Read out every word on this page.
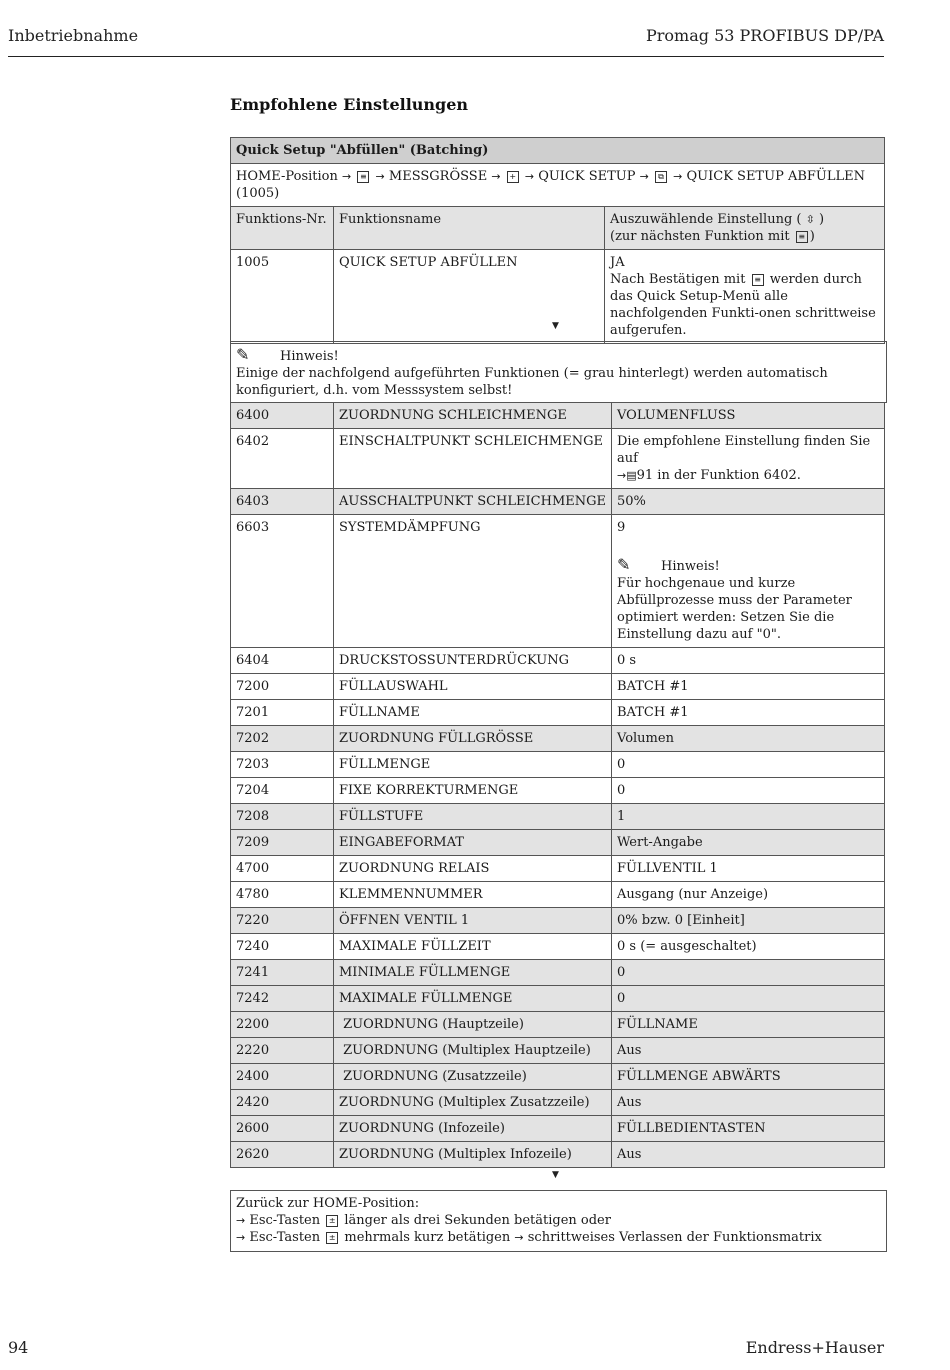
Inbetriebnahme	Promag 53 PROFIBUS DP/PA
Empfohlene Einstellungen
Quick Setup "Abfüllen" (Batching)		
HOME-Position → ≡ → MESSGRÖSSE → + → QUICK SETUP → ⧉ → QUICK SETUP ABFÜLLEN (1005)		
Funktions-Nr.	Funktionsname	Auszuwählende Einstellung ( ⇳ )
(zur nächsten Funktion mit ≡ )
1005	QUICK SETUP ABFÜLLEN	JA
Nach Bestätigen mit ≡ werden durch das Quick Setup-Menü alle nachfolgenden Funkti-onen schrittweise aufgerufen.
▼
✎ Hinweis!
Einige der nachfolgend aufgeführten Funktionen (= grau hinterlegt) werden automatisch konfiguriert, d.h. vom Messsystem selbst!
6400	ZUORDNUNG SCHLEICHMENGE	VOLUMENFLUSS
6402	EINSCHALTPUNKT SCHLEICHMENGE	Die empfohlene Einstellung finden Sie auf
→▤91 in der Funktion 6402.
6403	AUSSCHALTPUNKT SCHLEICHMENGE	50%
6603	SYSTEMDÄMPFUNG	9
✎ Hinweis!
Für hochgenaue und kurze Abfüllprozesse muss der Parameter optimiert werden: Setzen Sie die Einstellung dazu auf "0".

6404	DRUCKSTOSSUNTERDRÜCKUNG	0 s
7200	FÜLLAUSWAHL	BATCH #1
7201	FÜLLNAME	BATCH #1
7202	ZUORDNUNG FÜLLGRÖSSE	Volumen
7203	FÜLLMENGE	0
7204	FIXE KORREKTURMENGE	0
7208	FÜLLSTUFE	1
7209	EINGABEFORMAT	Wert-Angabe
4700	ZUORDNUNG RELAIS	FÜLLVENTIL 1
4780	KLEMMENNUMMER	Ausgang (nur Anzeige)
7220	ÖFFNEN VENTIL 1	0% bzw. 0 [Einheit]
7240	MAXIMALE FÜLLZEIT	0 s (= ausgeschaltet)
7241	MINIMALE FÜLLMENGE	0
7242	MAXIMALE FÜLLMENGE	0
2200	ZUORDNUNG (Hauptzeile)	FÜLLNAME
2220	ZUORDNUNG (Multiplex Hauptzeile)	Aus
2400	ZUORDNUNG (Zusatzzeile)	FÜLLMENGE ABWÄRTS
2420	ZUORDNUNG (Multiplex Zusatzzeile)	Aus
2600	ZUORDNUNG (Infozeile)	FÜLLBEDIENTASTEN
2620	ZUORDNUNG (Multiplex Infozeile)	Aus
▼
Zurück zur HOME-Position:
→ Esc-Tasten ± länger als drei Sekunden betätigen oder
→ Esc-Tasten ± mehrmals kurz betätigen → schrittweises Verlassen der Funktionsmatrix
94	Endress+Hauser
